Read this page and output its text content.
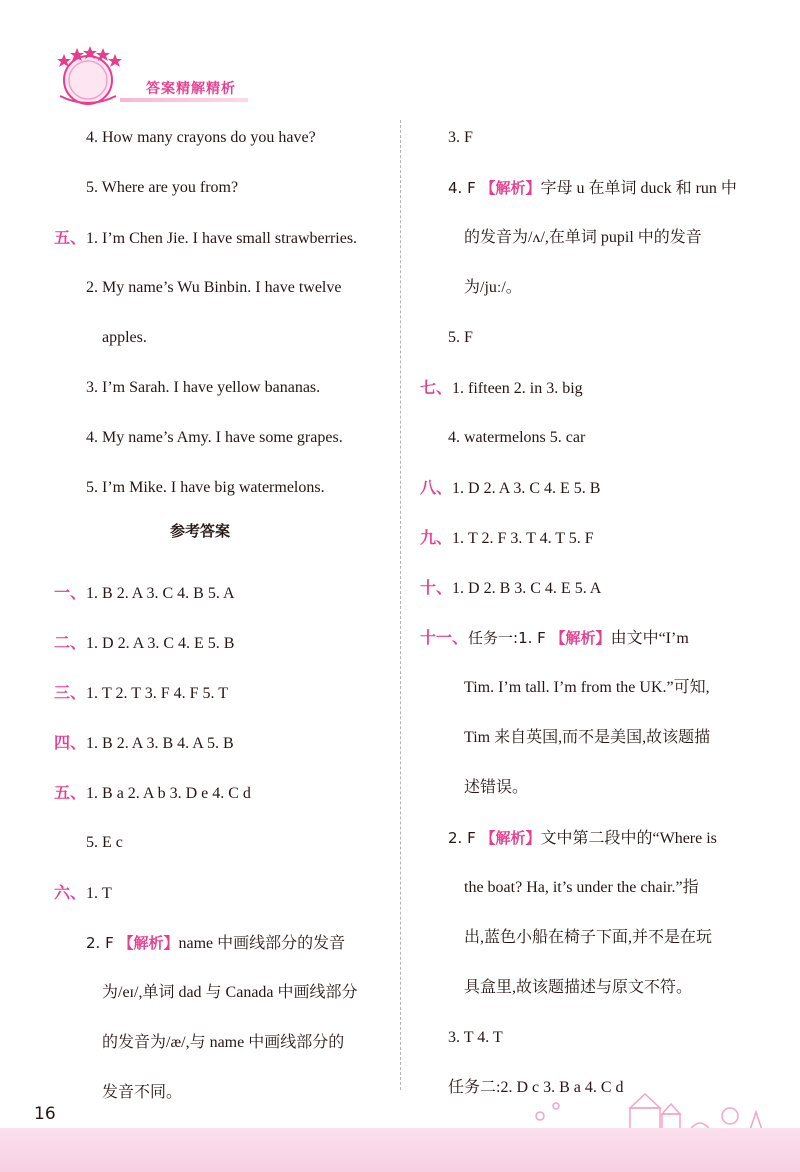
答案精解精析
4. How many crayons do you have?
5. Where are you from?
五、1. I’m Chen Jie. I have small strawberries.
2. My name’s Wu Binbin. I have twelve
apples.
3. I’m Sarah. I have yellow bananas.
4. My name’s Amy. I have some grapes.
5. I’m Mike. I have big watermelons.
参考答案
一、1. B 2. A 3. C 4. B 5. A
二、1. D 2. A 3. C 4. E 5. B
三、1. T 2. T 3. F 4. F 5. T
四、1. B 2. A 3. B 4. A 5. B
五、1. B a 2. A b 3. D e 4. C d
5. E c
六、1. T
2. F 【解析】name 中画线部分的发音
为/eɪ/,单词 dad 与 Canada 中画线部分
的发音为/æ/,与 name 中画线部分的
发音不同。
3. F
4. F 【解析】字母 u 在单词 duck 和 run 中
的发音为/ʌ/,在单词 pupil 中的发音
为/juː/。
5. F
七、1. fifteen 2. in 3. big
4. watermelons 5. car
八、1. D 2. A 3. C 4. E 5. B
九、1. T 2. F 3. T 4. T 5. F
十、1. D 2. B 3. C 4. E 5. A
十一、任务一:1. F 【解析】由文中“I’m
Tim. I’m tall. I’m from the UK.”可知,
Tim 来自英国,而不是美国,故该题描
述错误。
2. F 【解析】文中第二段中的“Where is
the boat? Ha, it’s under the chair.”指
出,蓝色小船在椅子下面,并不是在玩
具盒里,故该题描述与原文不符。
3. T 4. T
任务二:2. D c 3. B a 4. C d
16
